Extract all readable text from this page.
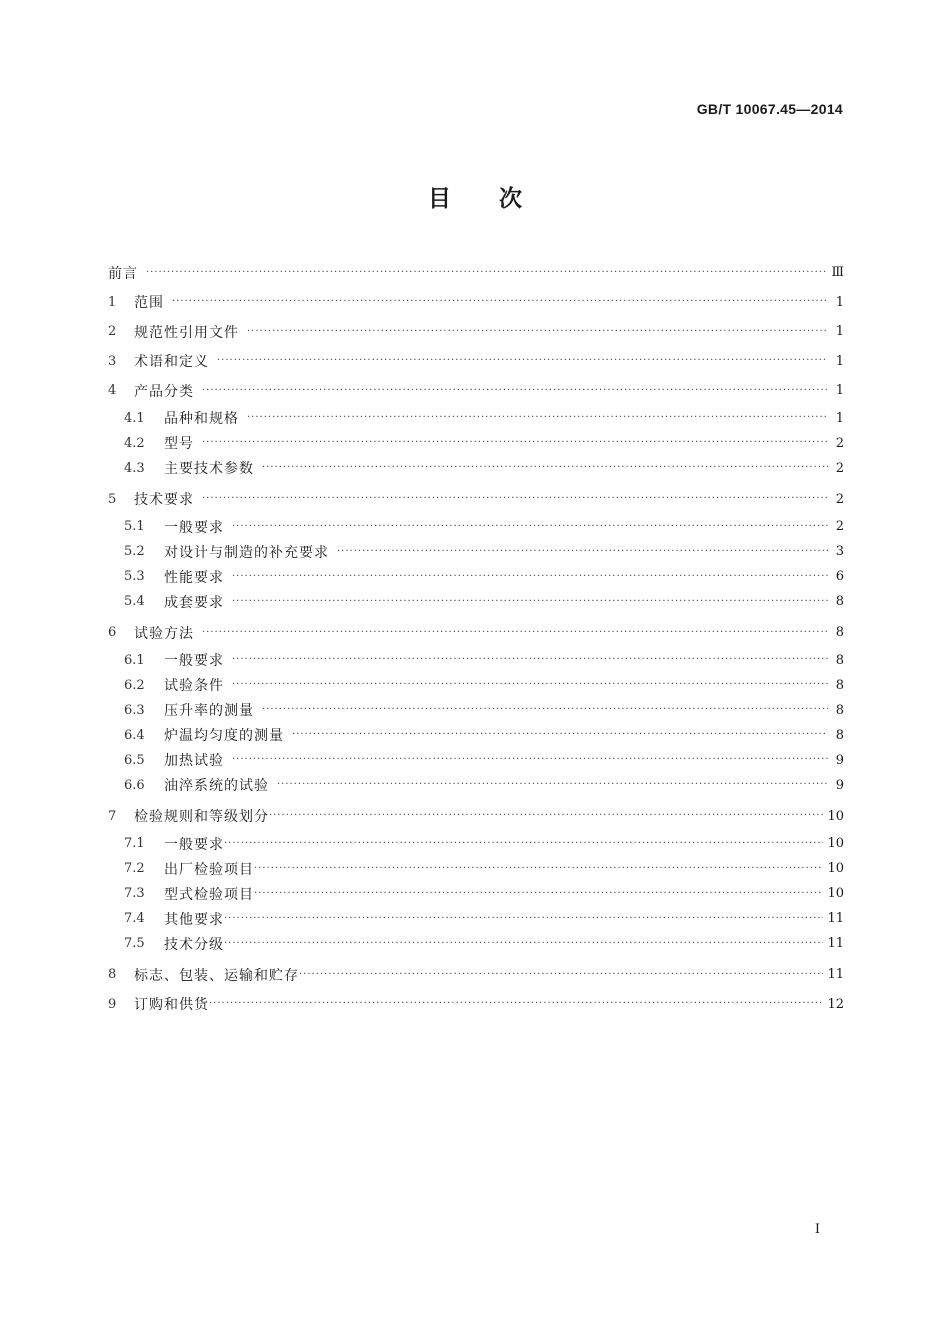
GB/T 10067.45—2014
目次
前言 ·····	Ⅲ
1	范围 ·····	1
2	规范性引用文件 ·····	1
3	术语和定义 ·····	1
4	产品分类 ·····	1
4.1	品种和规格 ·····	1
4.2	型号 ·····	2
4.3	主要技术参数 ·····	2
5	技术要求 ·····	2
5.1	一般要求 ·····	2
5.2	对设计与制造的补充要求 ·····	3
5.3	性能要求 ·····	6
5.4	成套要求 ·····	8
6	试验方法 ·····	8
6.1	一般要求 ·····	8
6.2	试验条件 ·····	8
6.3	压升率的测量 ·····	8
6.4	炉温均匀度的测量 ·····	8
6.5	加热试验 ·····	9
6.6	油淬系统的试验 ·····	9
7	检验规则和等级划分 ·····	10
7.1	一般要求 ·····	10
7.2	出厂检验项目 ·····	10
7.3	型式检验项目 ·····	10
7.4	其他要求 ·····	11
7.5	技术分级 ·····	11
8	标志、包装、运输和贮存 ·····	11
9	订购和供货 ·····	12
I
